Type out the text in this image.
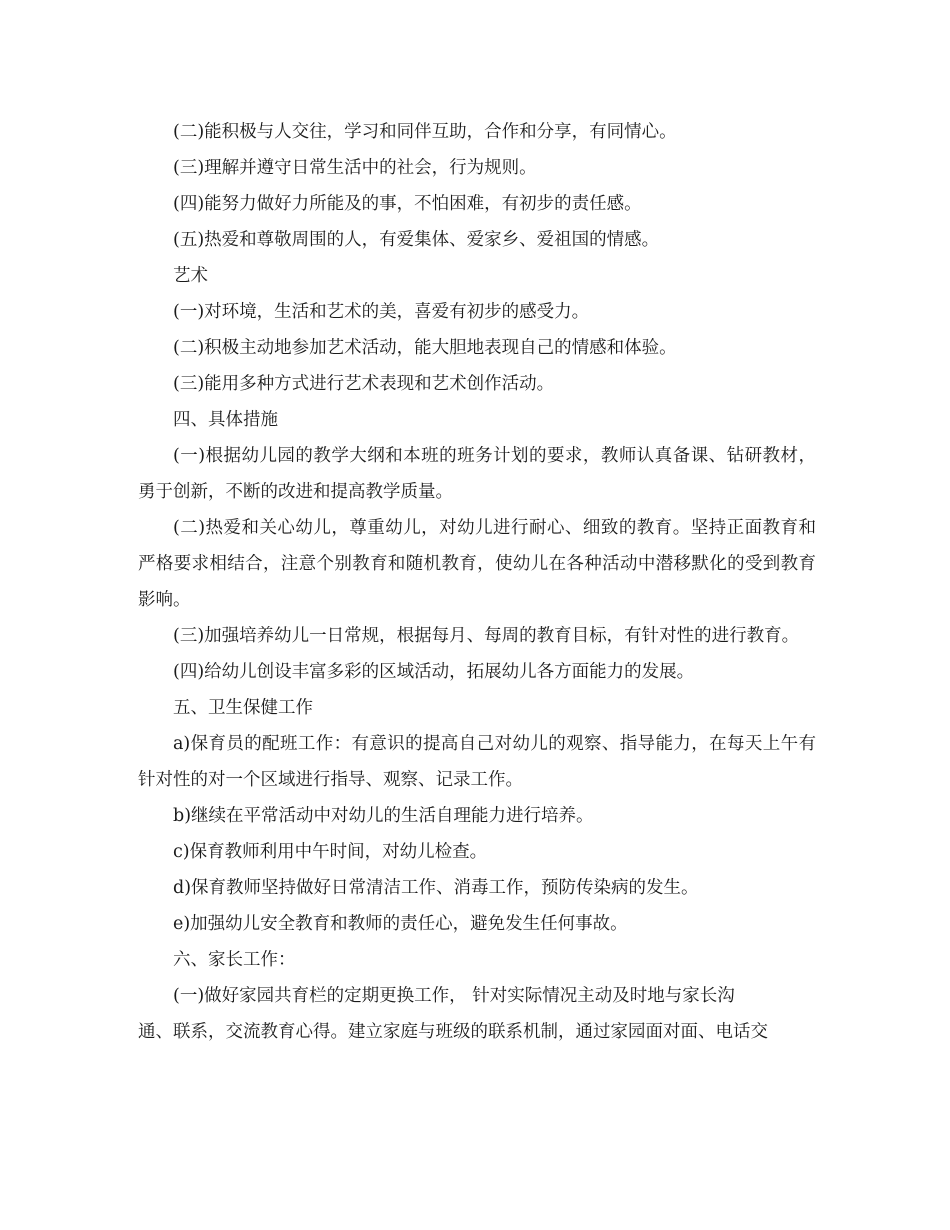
(二)能积极与人交往，学习和同伴互助，合作和分享，有同情心。

(三)理解并遵守日常生活中的社会，行为规则。

(四)能努力做好力所能及的事，不怕困难，有初步的责任感。

(五)热爱和尊敬周围的人，有爱集体、爱家乡、爱祖国的情感。

艺术

(一)对环境，生活和艺术的美，喜爱有初步的感受力。

(二)积极主动地参加艺术活动，能大胆地表现自己的情感和体验。

(三)能用多种方式进行艺术表现和艺术创作活动。

四、具体措施

(一)根据幼儿园的教学大纲和本班的班务计划的要求，教师认真备课、钻研教材，勇于创新，不断的改进和提高教学质量。

(二)热爱和关心幼儿，尊重幼儿，对幼儿进行耐心、细致的教育。坚持正面教育和严格要求相结合，注意个别教育和随机教育，使幼儿在各种活动中潜移默化的受到教育影响。

(三)加强培养幼儿一日常规，根据每月、每周的教育目标，有针对性的进行教育。

(四)给幼儿创设丰富多彩的区域活动，拓展幼儿各方面能力的发展。

五、卫生保健工作

a)保育员的配班工作：有意识的提高自己对幼儿的观察、指导能力，在每天上午有针对性的对一个区域进行指导、观察、记录工作。

b)继续在平常活动中对幼儿的生活自理能力进行培养。

c)保育教师利用中午时间，对幼儿检查。

d)保育教师坚持做好日常清洁工作、消毒工作，预防传染病的发生。

e)加强幼儿安全教育和教师的责任心，避免发生任何事故。

六、家长工作：

(一)做好家园共育栏的定期更换工作， 针对实际情况主动及时地与家长沟

通、联系，交流教育心得。建立家庭与班级的联系机制，通过家园面对面、电话交
